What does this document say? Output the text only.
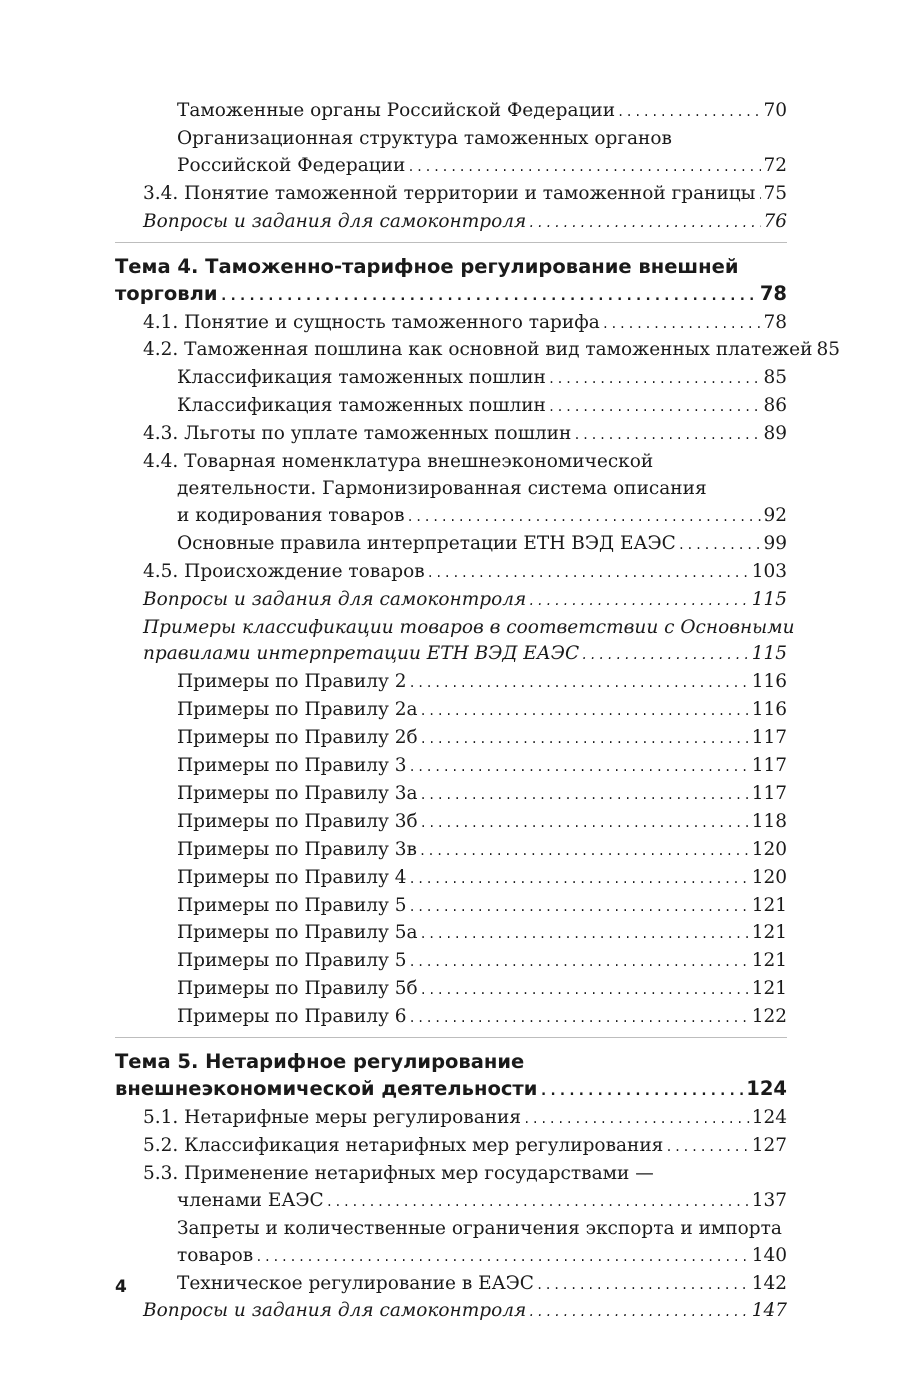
Таможенные органы Российской Федерации .....	70
Организационная структура таможенных органов
Российской Федерации .....	72
3.4. Понятие таможенной территории и таможенной границы ..... 75
Вопросы и задания для самоконтроля .....	76
Тема 4. Таможенно-тарифное регулирование внешней
торговли .....	78
4.1. Понятие и сущность таможенного тарифа .....	78
4.2. Таможенная пошлина как основной вид таможенных платежей 85
Классификация таможенных пошлин .....	85
Классификация таможенных пошлин .....	86
4.3. Льготы по уплате таможенных пошлин .....	89
4.4. Товарная номенклатура внешнеэкономической
деятельности. Гармонизированная система описания
и кодирования товаров .....	92
Основные правила интерпретации ЕТН ВЭД ЕАЭС .....	99
4.5. Происхождение товаров .....	103
Вопросы и задания для самоконтроля .....	115
Примеры классификации товаров в соответствии с Основными
правилами интерпретации ЕТН ВЭД ЕАЭС .....	115
Примеры по Правилу 2 .....	116
Примеры по Правилу 2а .....	116
Примеры по Правилу 2б .....	117
Примеры по Правилу 3 .....	117
Примеры по Правилу 3а .....	117
Примеры по Правилу 3б .....	118
Примеры по Правилу 3в .....	120
Примеры по Правилу 4 .....	120
Примеры по Правилу 5 .....	121
Примеры по Правилу 5а .....	121
Примеры по Правилу 5 .....	121
Примеры по Правилу 5б .....	121
Примеры по Правилу 6 .....	122
Тема 5. Нетарифное регулирование
внешнеэкономической деятельности .....	124
5.1. Нетарифные меры регулирования .....	124
5.2. Классификация нетарифных мер регулирования .....	127
5.3. Применение нетарифных мер государствами —
членами ЕАЭС .....	137
Запреты и количественные ограничения экспорта и импорта
товаров .....	140
Техническое регулирование в ЕАЭС .....	142
Вопросы и задания для самоконтроля .....	147
4
